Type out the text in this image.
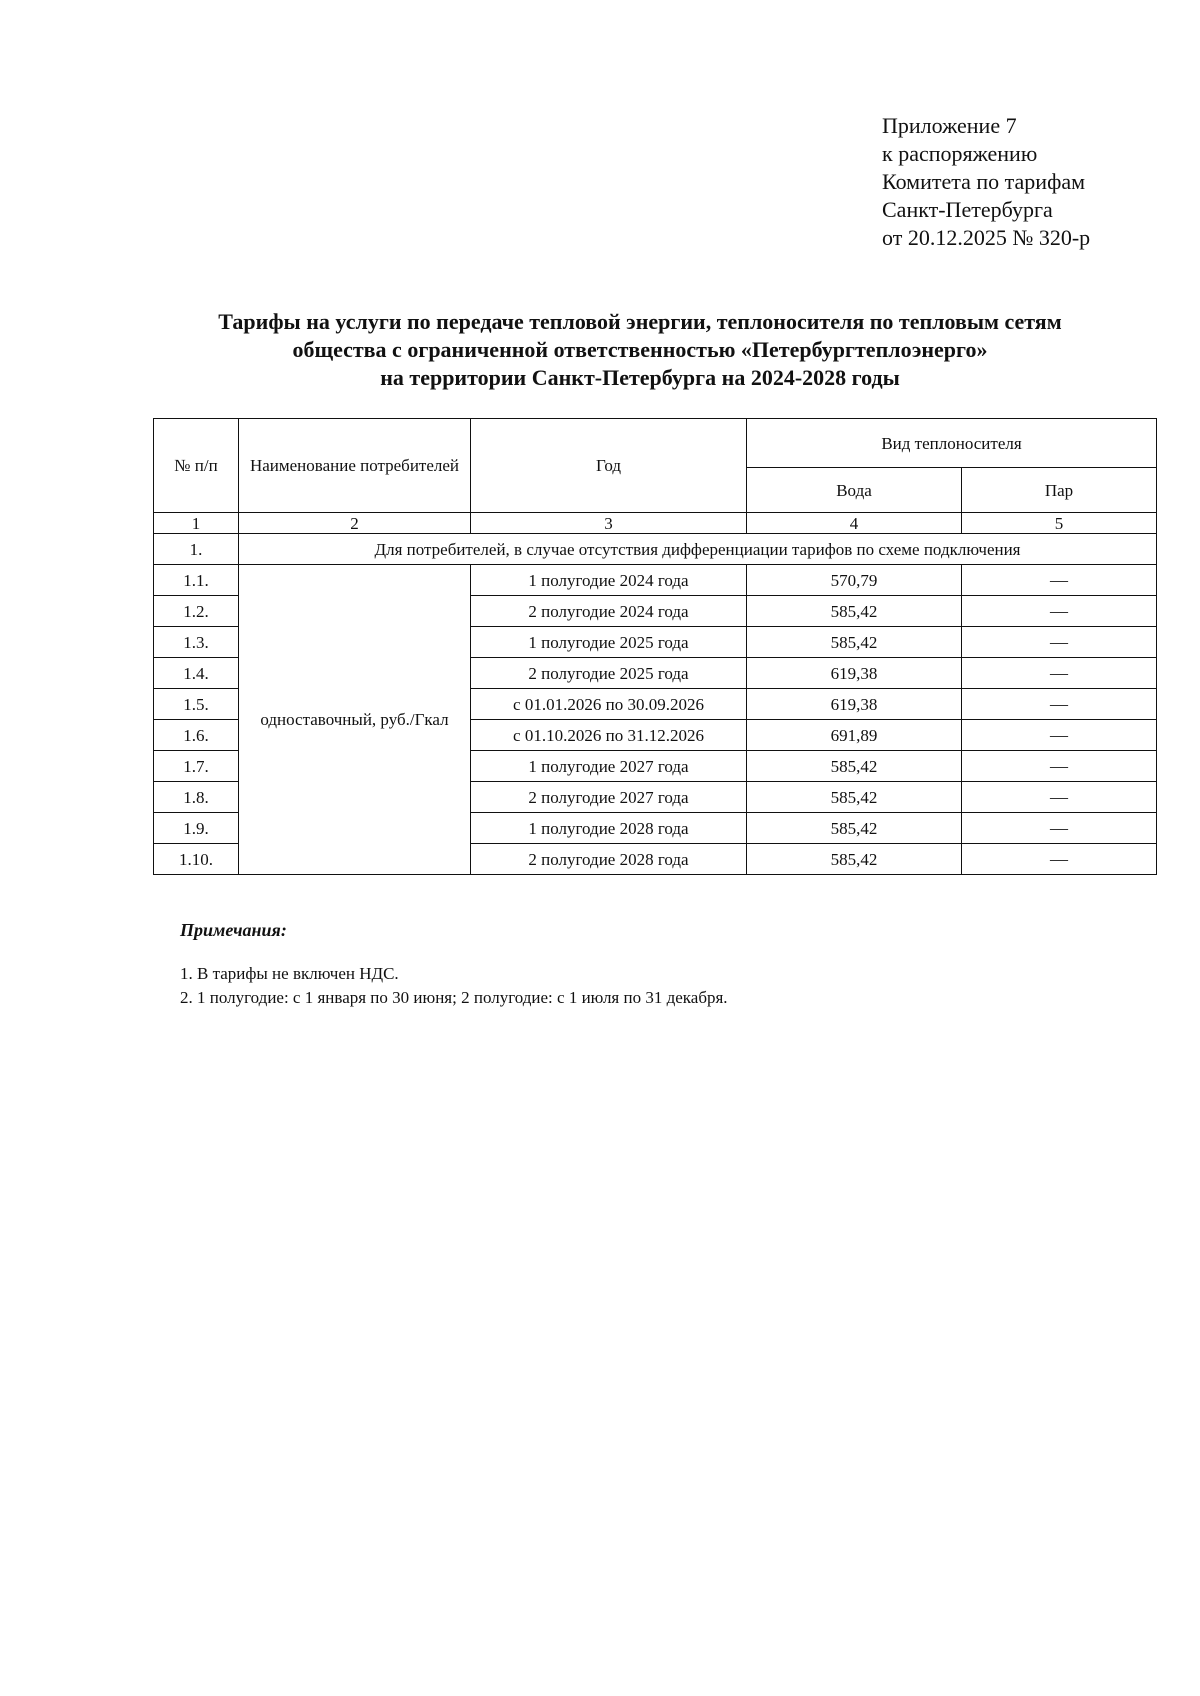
Приложение 7
к распоряжению
Комитета по тарифам
Санкт-Петербурга
от 20.12.2025 № 320-р
Тарифы на услуги по передаче тепловой энергии, теплоносителя по тепловым сетям
общества с ограниченной ответственностью «Петербургтеплоэнерго»
на территории Санкт-Петербурга на 2024-2028 годы
№ п/п	Наименование потребителей	Год	Вид теплоносителя	
			Вода	Пар
1	2	3	4	5
1.	Для потребителей, в случае отсутствия дифференциации тарифов по схеме подключения			
1.1.	одноставочный, руб./Гкал	1 полугодие 2024 года	570,79	—
1.2.		2 полугодие 2024 года	585,42	—
1.3.		1 полугодие 2025 года	585,42	—
1.4.		2 полугодие 2025 года	619,38	—
1.5.		с 01.01.2026 по 30.09.2026	619,38	—
1.6.		с 01.10.2026 по 31.12.2026	691,89	—
1.7.		1 полугодие 2027 года	585,42	—
1.8.		2 полугодие 2027 года	585,42	—
1.9.		1 полугодие 2028 года	585,42	—
1.10.		2 полугодие 2028 года	585,42	—
Примечания:
1. В тарифы не включен НДС.
2. 1 полугодие: с 1 января по 30 июня; 2 полугодие: с 1 июля по 31 декабря.
